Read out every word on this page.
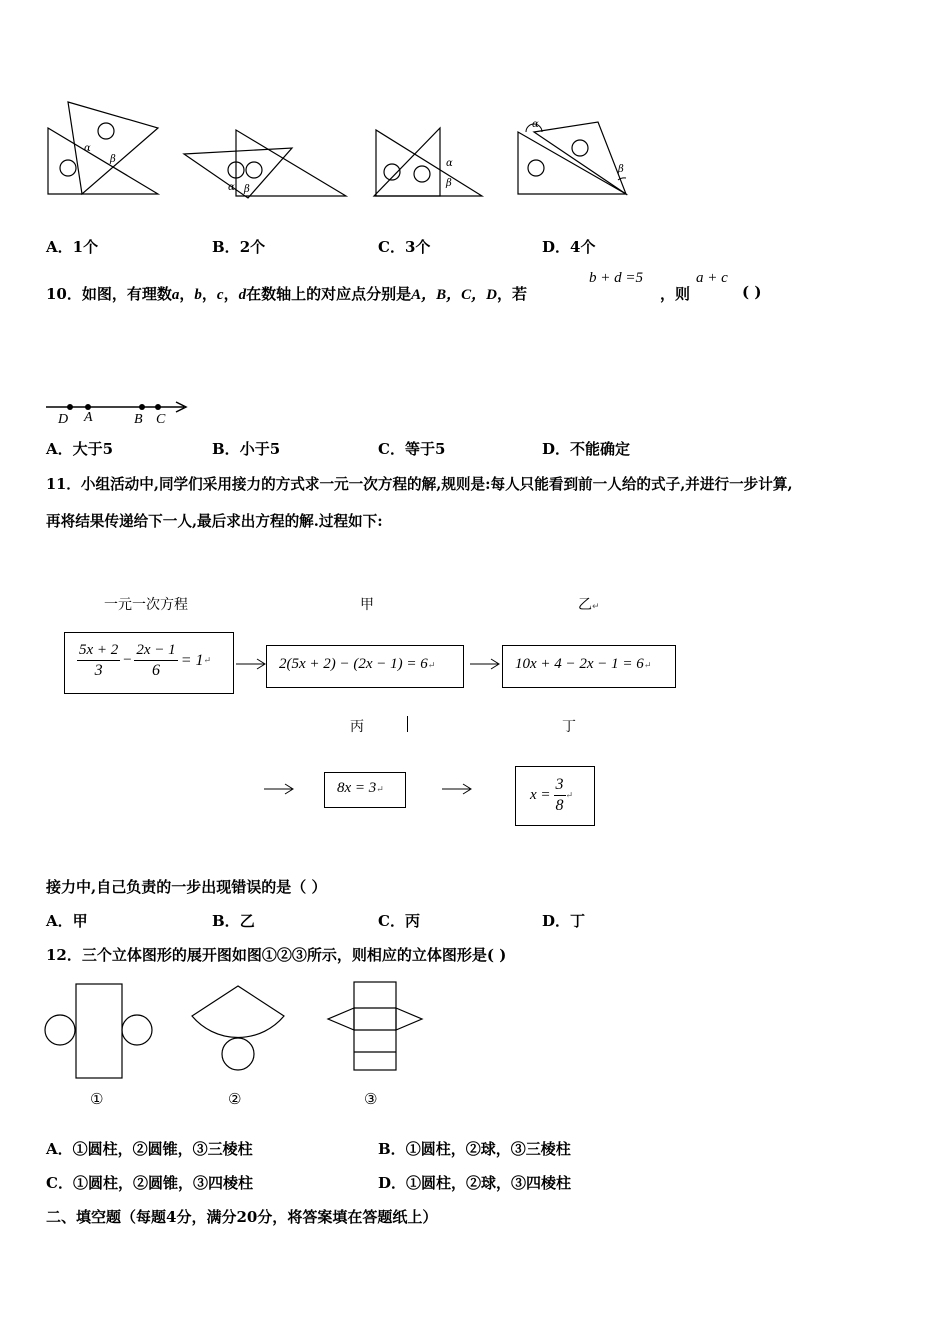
α
β
α β
α
β
α
β
A．1个	B．2个	C．3个	D．4个
10．如图，有理数a，b，c，d在数轴上的对应点分别是A，B，C，D，若
b + d =5
，则
a + c
( )
D A	B C
A．大于5	B．小于5	C．等于5	D．不能确定
11．小组活动中,同学们采用接力的方式求一元一次方程的解,规则是:每人只能看到前一人给的式子,并进行一步计算,
再将结果传递给下一人,最后求出方程的解.过程如下:
一元一次方程	甲	乙↵
$\frac{5x + 2}{3} - \frac{2x - 1}{6} = 1$ ↵	2(5x + 2) − (2x − 1) = 6↵	10x + 4 − 2x − 1 = 6↵
丙	丁
8x = 3↵	$x = \frac{3}{8}$ ↵
接力中,自己负责的一步出现错误的是（ ）
A．甲	B．乙	C．丙	D．丁
12．三个立体图形的展开图如图①②③所示，则相应的立体图形是( )
①	②	③
A．①圆柱，②圆锥，③三棱柱	B．①圆柱，②球，③三棱柱
C．①圆柱，②圆锥，③四棱柱	D．①圆柱，②球，③四棱柱
二、填空题（每题4分，满分20分，将答案填在答题纸上）
